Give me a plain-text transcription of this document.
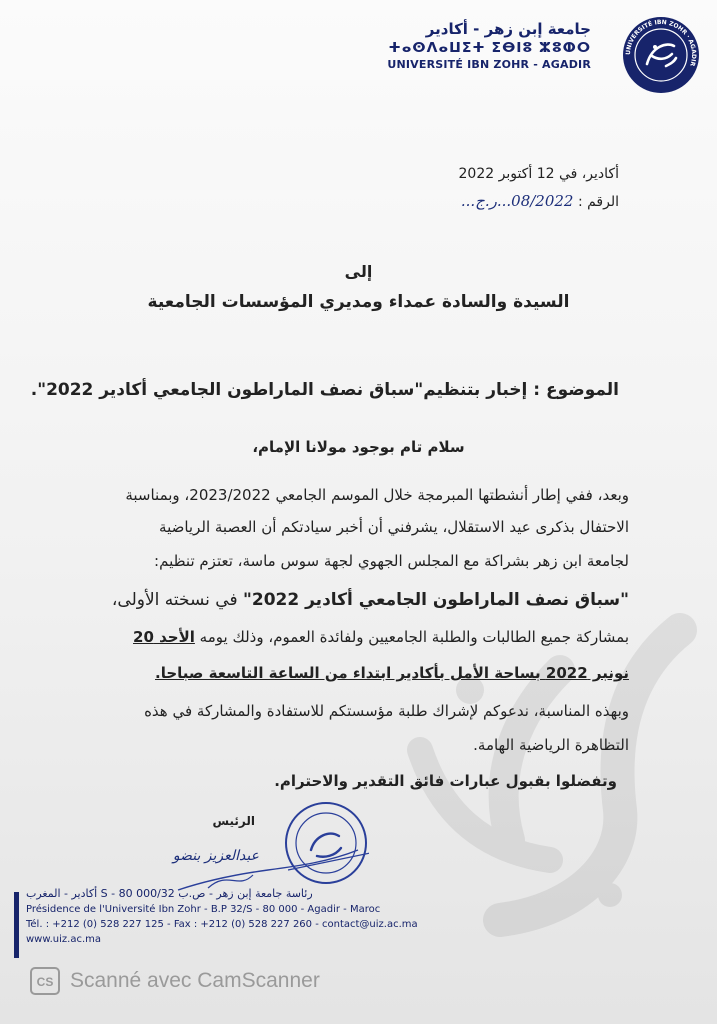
جامعة إبن زهر - أكادير
ⵜⴰⵙⴷⴰⵡⵉⵜ ⵉⴱⵏⵓ ⵣⵓⵀⵔ
UNIVERSITÉ IBN ZOHR - AGADIR
UNIVERSITÉ IBN ZOHR · AGADIR
أكادير، في 12 أكتوبر 2022
الرقم : 08/2022...ر.ج...
إلى
السيدة والسادة عمداء ومديري المؤسسات الجامعية
الموضوع : إخبار بتنظيم"سباق نصف الماراطون الجامعي أكادير 2022".
سلام تام بوجود مولانا الإمام،
وبعد، ففي إطار أنشطتها المبرمجة خلال الموسم الجامعي 2023/2022، وبمناسبة
الاحتفال بذكرى عيد الاستقلال، يشرفني أن أخبر سيادتكم أن العصبة الرياضية
لجامعة ابن زهر بشراكة مع المجلس الجهوي لجهة سوس ماسة، تعتزم تنظيم:
"سباق نصف الماراطون الجامعي أكادير 2022" في نسخته الأولى،
بمشاركة جميع الطالبات والطلبة الجامعيين ولفائدة العموم، وذلك يومه الأحد 20
نونبر 2022 بساحة الأمل بأكادير ابتداء من الساعة التاسعة صباحا.
وبهذه المناسبة، ندعوكم لإشراك طلبة مؤسستكم للاستفادة والمشاركة في هذه
التظاهرة الرياضية الهامة.
وتفضلوا بقبول عبارات فائق التقدير والاحترام.
الرئيس
عبدالعزيز بنضو
رئاسة جامعة إبن زهر - ص.ب 32/S - 80 000 أكادير - المغرب
Présidence de l'Université Ibn Zohr - B.P 32/S - 80 000 - Agadir - Maroc
Tél. : +212 (0) 528 227 125 - Fax : +212 (0) 528 227 260 - contact@uiz.ac.ma
www.uiz.ac.ma
CS Scanné avec CamScanner
